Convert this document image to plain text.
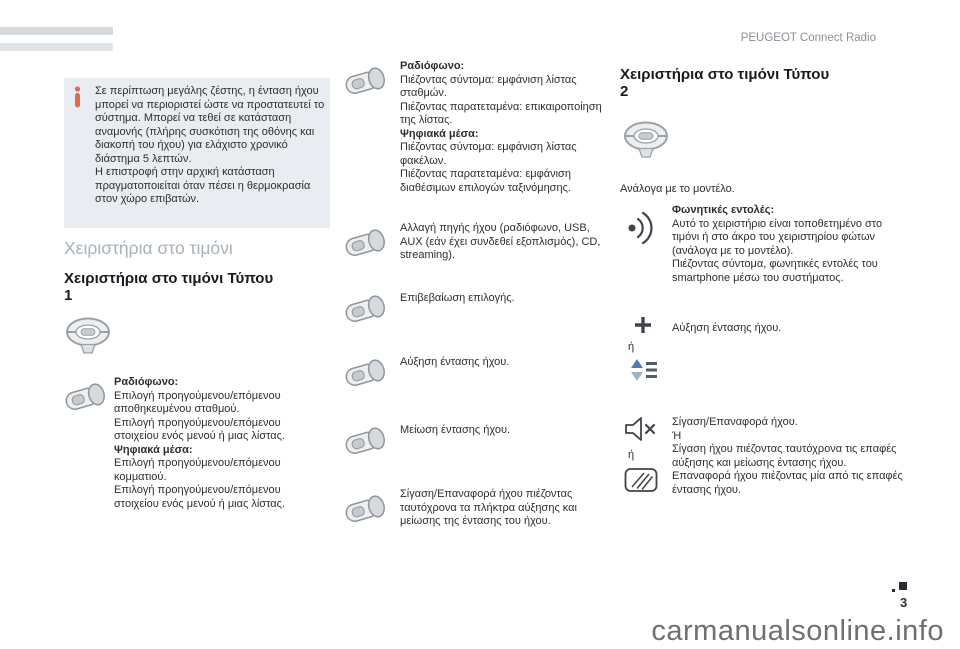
PEUGEOT Connect Radio
Σε περίπτωση μεγάλης ζέστης, η ένταση ήχου μπορεί να περιοριστεί ώστε να προστατευτεί το σύστημα. Μπορεί να τεθεί σε κατάσταση αναμονής (πλήρης συσκότιση της οθόνης και διακοπή του ήχου) για ελάχιστο χρονικό διάστημα 5 λεπτών.
Η επιστροφή στην αρχική κατάσταση πραγματοποιείται όταν πέσει η θερμοκρασία στον χώρο επιβατών.
Χειριστήρια στο τιμόνι
Χειριστήρια στο τιμόνι Τύπου 1
Ραδιόφωνο:
Επιλογή προηγούμενου/επόμενου αποθηκευμένου σταθμού.
Επιλογή προηγούμενου/επόμενου στοιχείου ενός μενού ή μιας λίστας.
Ψηφιακά μέσα:
Επιλογή προηγούμενου/επόμενου κομματιού.
Επιλογή προηγούμενου/επόμενου στοιχείου ενός μενού ή μιας λίστας.
Ραδιόφωνο:
Πιέζοντας σύντομα: εμφάνιση λίστας σταθμών.
Πιέζοντας παρατεταμένα: επικαιροποίηση της λίστας.
Ψηφιακά μέσα:
Πιέζοντας σύντομα: εμφάνιση λίστας φακέλων.
Πιέζοντας παρατεταμένα: εμφάνιση διαθέσιμων επιλογών ταξινόμησης.
Αλλαγή πηγής ήχου (ραδιόφωνο, USB, AUX (εάν έχει συνδεθεί εξοπλισμός), CD, streaming).
Επιβεβαίωση επιλογής.
Αύξηση έντασης ήχου.
Μείωση έντασης ήχου.
Σίγαση/Επαναφορά ήχου πιέζοντας ταυτόχρονα τα πλήκτρα αύξησης και μείωσης της έντασης του ήχου.
Χειριστήρια στο τιμόνι Τύπου 2
Ανάλογα με το μοντέλο.
Φωνητικές εντολές:
Αυτό το χειριστήριο είναι τοποθετημένο στο τιμόνι ή στο άκρο του χειριστηρίου φώτων (ανάλογα με το μοντέλο).
Πιέζοντας σύντομα, φωνητικές εντολές του smartphone μέσω του συστήματος.
ή
Αύξηση έντασης ήχου.
ή
Σίγαση/Επαναφορά ήχου.
Ή
Σίγαση ήχου πιέζοντας ταυτόχρονα τις επαφές αύξησης και μείωσης έντασης ήχου.
Επαναφορά ήχου πιέζοντας μία από τις επαφές έντασης ήχου.
3
carmanualsonline.info
